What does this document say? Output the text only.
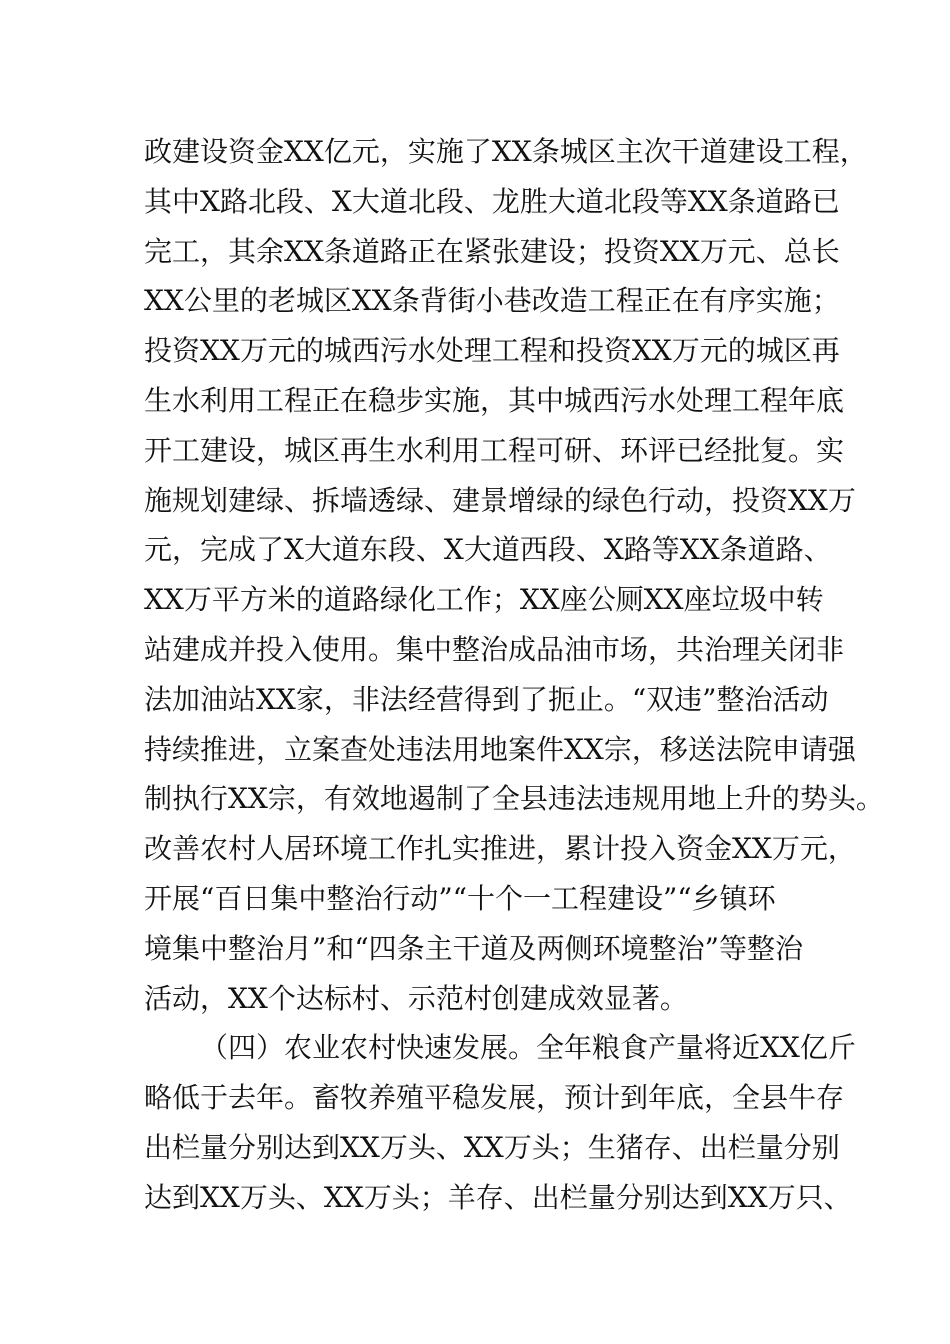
政建设资金XX亿元，实施了XX条城区主次干道建设工程，
其中X路北段、X大道北段、龙胜大道北段等XX条道路已
完工，其余XX条道路正在紧张建设；投资XX万元、总长
XX公里的老城区XX条背街小巷改造工程正在有序实施；
投资XX万元的城西污水处理工程和投资XX万元的城区再
生水利用工程正在稳步实施，其中城西污水处理工程年底
开工建设，城区再生水利用工程可研、环评已经批复。实
施规划建绿、拆墙透绿、建景增绿的绿色行动，投资XX万
元，完成了X大道东段、X大道西段、X路等XX条道路、
XX万平方米的道路绿化工作；XX座公厕XX座垃圾中转
站建成并投入使用。集中整治成品油市场，共治理关闭非
法加油站XX家，非法经营得到了扼止。“双违”整治活动
持续推进，立案查处违法用地案件XX宗，移送法院申请强
制执行XX宗，有效地遏制了全县违法违规用地上升的势头。
改善农村人居环境工作扎实推进，累计投入资金XX万元，
开展“百日集中整治行动”“十个一工程建设”“乡镇环
境集中整治月”和“四条主干道及两侧环境整治”等整治
活动，XX个达标村、示范村创建成效显著。
（四）农业农村快速发展。全年粮食产量将近XX亿斤
略低于去年。畜牧养殖平稳发展，预计到年底，全县牛存
出栏量分别达到XX万头、XX万头；生猪存、出栏量分别
达到XX万头、XX万头；羊存、出栏量分别达到XX万只、
